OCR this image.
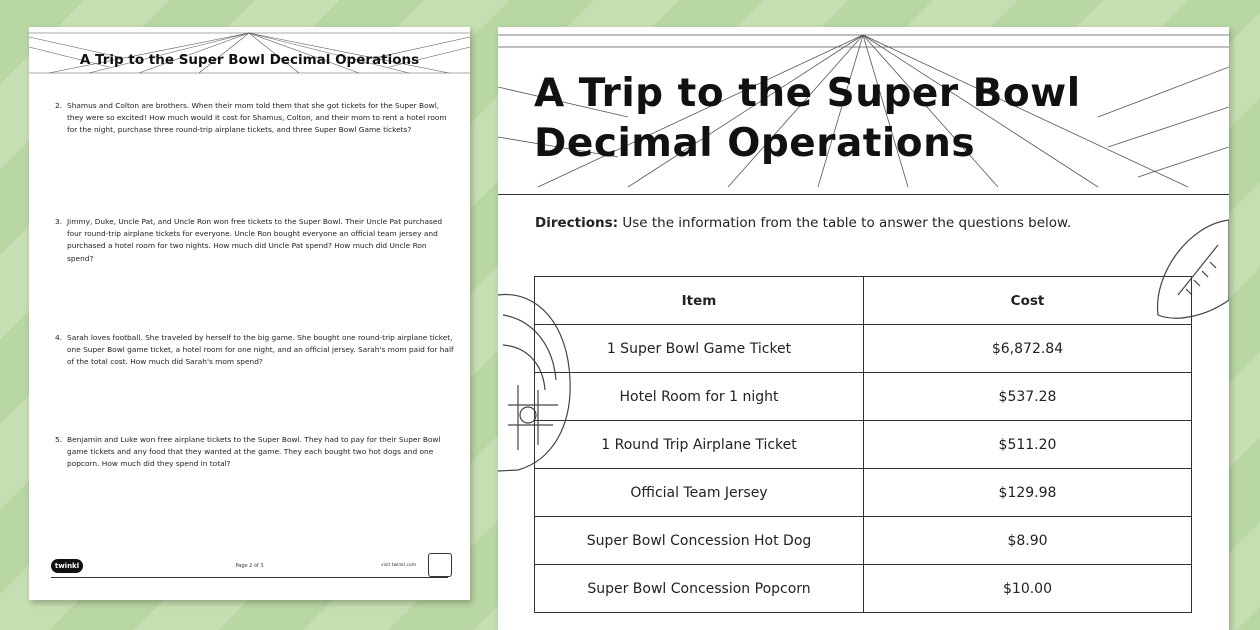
A Trip to the Super Bowl Decimal Operations
2. Shamus and Colton are brothers. When their mom told them that she got tickets for the Super Bowl, they were so excited! How much would it cost for Shamus, Colton, and their mom to rent a hotel room for the night, purchase three round-trip airplane tickets, and three Super Bowl Game tickets?
3. Jimmy, Duke, Uncle Pat, and Uncle Ron won free tickets to the Super Bowl. Their Uncle Pat purchased four round-trip airplane tickets for everyone. Uncle Ron bought everyone an official team jersey and purchased a hotel room for two nights. How much did Uncle Pat spend? How much did Uncle Ron spend?
4. Sarah loves football. She traveled by herself to the big game. She bought one round-trip airplane ticket, one Super Bowl game ticket, a hotel room for one night, and an official jersey. Sarah's mom paid for half of the total cost. How much did Sarah's mom spend?
5. Benjamin and Luke won free airplane tickets to the Super Bowl. They had to pay for their Super Bowl game tickets and any food that they wanted at the game. They each bought two hot dogs and one popcorn. How much did they spend in total?
twinkl	Page 2 of 3	visit twinkl.com
A Trip to the Super Bowl
Decimal Operations
Directions: Use the information from the table to answer the questions below.
Item	Cost
1 Super Bowl Game Ticket	$6,872.84
Hotel Room for 1 night	$537.28
1 Round Trip Airplane Ticket	$511.20
Official Team Jersey	$129.98
Super Bowl Concession Hot Dog	$8.90
Super Bowl Concession Popcorn	$10.00
